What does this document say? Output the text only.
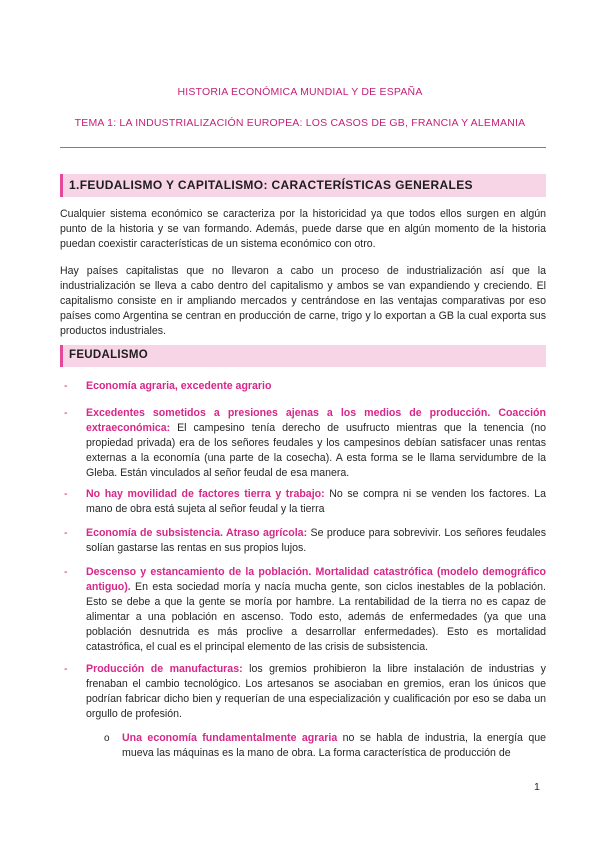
HISTORIA ECONÓMICA MUNDIAL Y DE ESPAÑA
TEMA 1: LA INDUSTRIALIZACIÓN EUROPEA: LOS CASOS DE GB, FRANCIA Y ALEMANIA
1.FEUDALISMO Y CAPITALISMO: CARACTERÍSTICAS GENERALES
Cualquier sistema económico se caracteriza por la historicidad ya que todos ellos surgen en algún punto de la historia y se van formando. Además, puede darse que en algún momento de la historia puedan coexistir características de un sistema económico con otro.
Hay países capitalistas que no llevaron a cabo un proceso de industrialización así que la industrialización se lleva a cabo dentro del capitalismo y ambos se van expandiendo y creciendo. El capitalismo consiste en ir ampliando mercados y centrándose en las ventajas comparativas por eso países como Argentina se centran en producción de carne, trigo y lo exportan a GB la cual exporta sus productos industriales.
FEUDALISMO
- Economía agraria, excedente agrario
- Excedentes sometidos a presiones ajenas a los medios de producción. Coacción extraeconómica: El campesino tenía derecho de usufructo mientras que la tenencia (no propiedad privada) era de los señores feudales y los campesinos debían satisfacer unas rentas externas a la economía (una parte de la cosecha). A esta forma se le llama servidumbre de la Gleba. Están vinculados al señor feudal de esa manera.
- No hay movilidad de factores tierra y trabajo: No se compra ni se venden los factores. La mano de obra está sujeta al señor feudal y la tierra
- Economía de subsistencia. Atraso agrícola: Se produce para sobrevivir. Los señores feudales solían gastarse las rentas en sus propios lujos.
- Descenso y estancamiento de la población. Mortalidad catastrófica (modelo demográfico antiguo). En esta sociedad moría y nacía mucha gente, son ciclos inestables de la población. Esto se debe a que la gente se moría por hambre. La rentabilidad de la tierra no es capaz de alimentar a una población en ascenso. Todo esto, además de enfermedades (ya que una población desnutrida es más proclive a desarrollar enfermedades). Esto es mortalidad catastrófica, el cual es el principal elemento de las crisis de subsistencia.
- Producción de manufacturas: los gremios prohibieron la libre instalación de industrias y frenaban el cambio tecnológico. Los artesanos se asociaban en gremios, eran los únicos que podrían fabricar dicho bien y requerían de una especialización y cualificación por eso se daba un orgullo de profesión.
o Una economía fundamentalmente agraria no se habla de industria, la energía que mueva las máquinas es la mano de obra. La forma característica de producción de
1
